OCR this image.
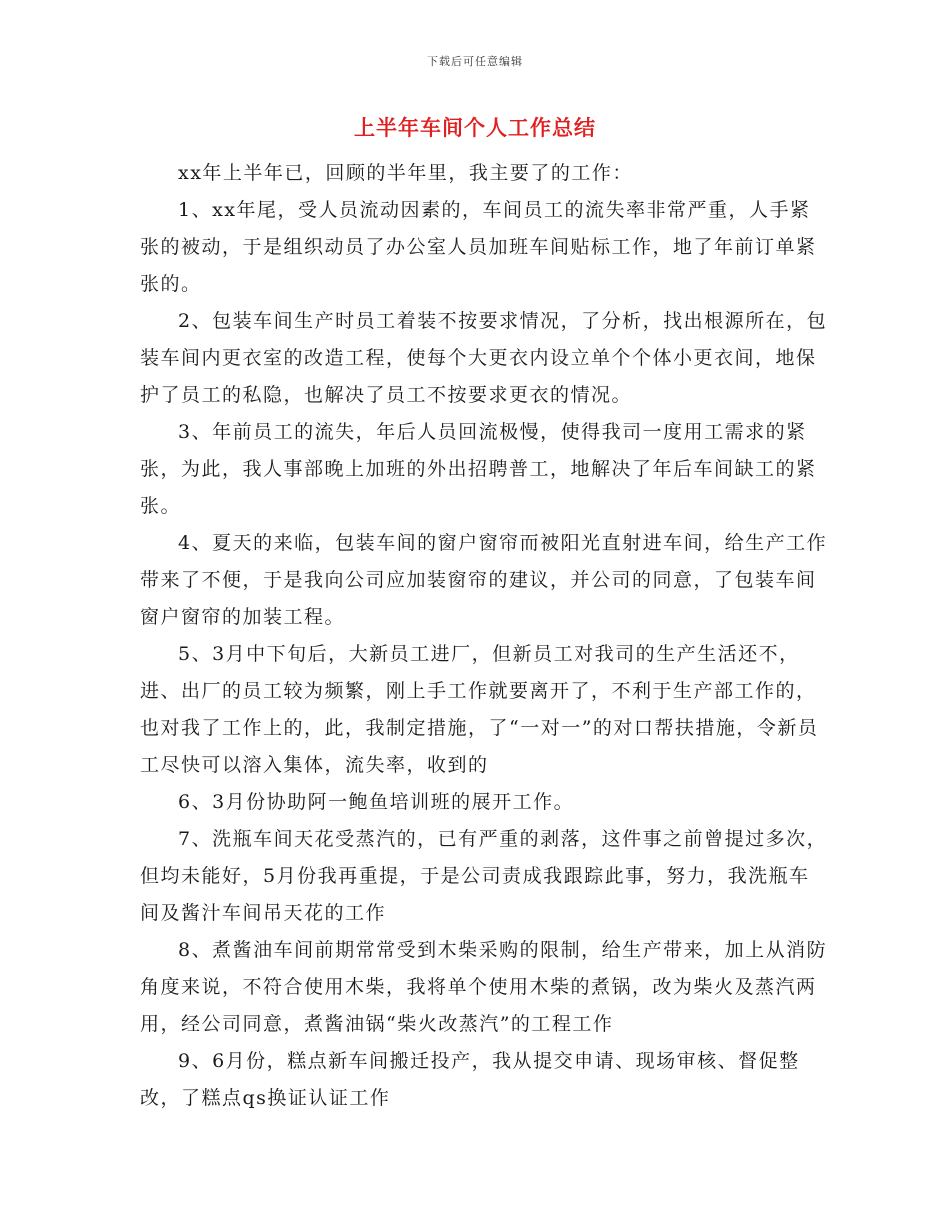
下载后可任意编辑
上半年车间个人工作总结

xx年上半年已，回顾的半年里，我主要了的工作：

1、xx年尾，受人员流动因素的，车间员工的流失率非常严重，人手紧张的被动，于是组织动员了办公室人员加班车间贴标工作，地了年前订单紧张的。

2、包装车间生产时员工着装不按要求情况，了分析，找出根源所在，包装车间内更衣室的改造工程，使每个大更衣内设立单个个体小更衣间，地保护了员工的私隐，也解决了员工不按要求更衣的情况。

3、年前员工的流失，年后人员回流极慢，使得我司一度用工需求的紧张，为此，我人事部晚上加班的外出招聘普工，地解决了年后车间缺工的紧张。

4、夏天的来临，包装车间的窗户窗帘而被阳光直射进车间，给生产工作带来了不便，于是我向公司应加装窗帘的建议，并公司的同意，了包装车间窗户窗帘的加装工程。

5、3月中下旬后，大新员工进厂，但新员工对我司的生产生活还不，进、出厂的员工较为频繁，刚上手工作就要离开了，不利于生产部工作的，也对我了工作上的，此，我制定措施，了“一对一”的对口帮扶措施，令新员工尽快可以溶入集体，流失率，收到的

6、3月份协助阿一鲍鱼培训班的展开工作。

7、洗瓶车间天花受蒸汽的，已有严重的剥落，这件事之前曾提过多次，但均未能好，5月份我再重提，于是公司责成我跟踪此事，努力，我洗瓶车间及酱汁车间吊天花的工作

8、煮酱油车间前期常常受到木柴采购的限制，给生产带来，加上从消防角度来说，不符合使用木柴，我将单个使用木柴的煮锅，改为柴火及蒸汽两用，经公司同意，煮酱油锅“柴火改蒸汽”的工程工作

9、6月份，糕点新车间搬迁投产，我从提交申请、现场审核、督促整改，了糕点qs换证认证工作
